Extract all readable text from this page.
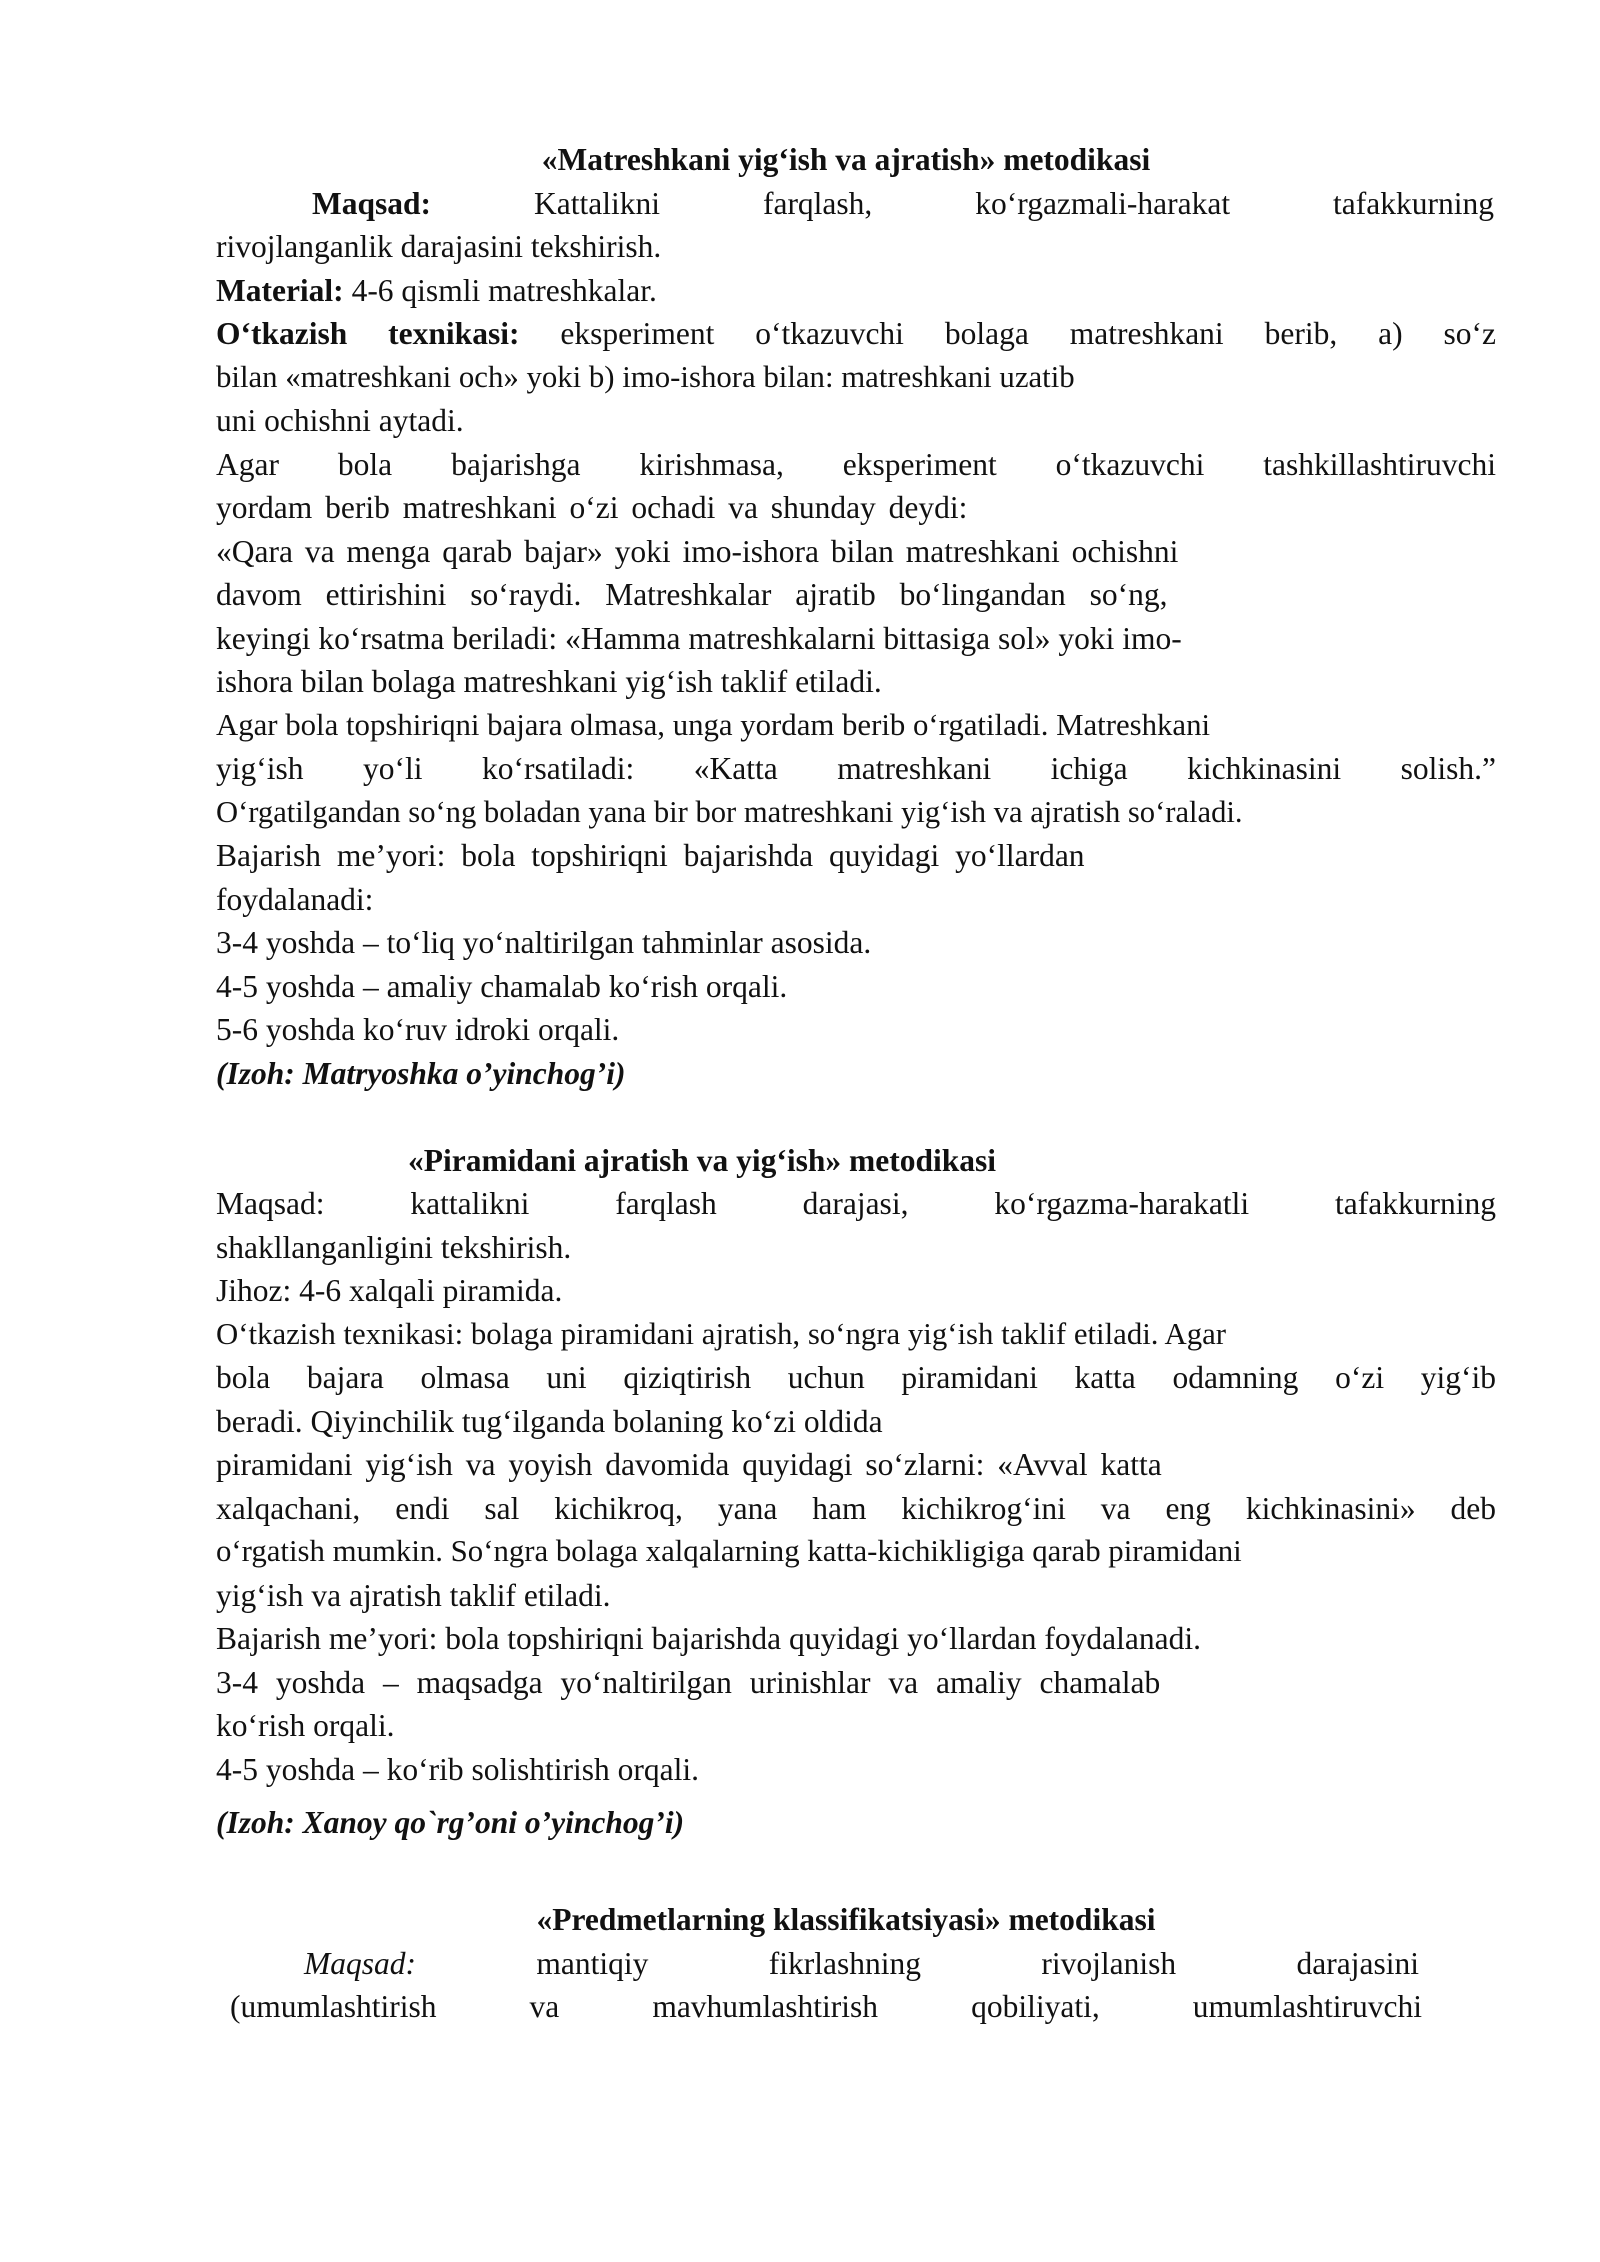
«Matreshkani yig‘ish va ajratish» metodikasi
Maqsad: Kattalikni farqlash, ko‘rgazmali-harakat tafakkurning
rivojlanganlik darajasini tekshirish.
Material: 4-6 qismli matreshkalar.
O‘tkazish texnikasi: eksperiment o‘tkazuvchi bolaga matreshkani berib, a) so‘z
bilan «matreshkani och» yoki b) imo-ishora bilan: matreshkani uzatib
uni ochishni aytadi.
Agar bola bajarishga kirishmasa, eksperiment o‘tkazuvchi tashkillashtiruvchi
yordam berib matreshkani o‘zi ochadi va shunday deydi:
«Qara va menga qarab bajar» yoki imo-ishora bilan matreshkani ochishni
davom ettirishini so‘raydi. Matreshkalar ajratib bo‘lingandan so‘ng,
keyingi ko‘rsatma beriladi: «Hamma matreshkalarni bittasiga sol» yoki imo-
ishora bilan bolaga matreshkani yig‘ish taklif etiladi.
Agar bola topshiriqni bajara olmasa, unga yordam berib o‘rgatiladi. Matreshkani
yig‘ish yo‘li ko‘rsatiladi: «Katta matreshkani ichiga kichkinasini solish.”
O‘rgatilgandan so‘ng boladan yana bir bor matreshkani yig‘ish va ajratish so‘raladi.
Bajarish me’yori: bola topshiriqni bajarishda quyidagi yo‘llardan
foydalanadi:
3-4 yoshda – to‘liq yo‘naltirilgan tahminlar asosida.
4-5 yoshda – amaliy chamalab ko‘rish orqali.
5-6 yoshda ko‘ruv idroki orqali.
(Izoh: Matryoshka o’yinchog’i)
«Piramidani ajratish va yig‘ish» metodikasi
Maqsad: kattalikni farqlash darajasi, ko‘rgazma-harakatli tafakkurning
shakllanganligini tekshirish.
Jihoz: 4-6 xalqali piramida.
O‘tkazish texnikasi: bolaga piramidani ajratish, so‘ngra yig‘ish taklif etiladi. Agar
bola bajara olmasa uni qiziqtirish uchun piramidani katta odamning o‘zi yig‘ib
beradi. Qiyinchilik tug‘ilganda bolaning ko‘zi oldida
piramidani yig‘ish va yoyish davomida quyidagi so‘zlarni: «Avval katta
xalqachani, endi sal kichikroq, yana ham kichikrog‘ini va eng kichkinasini» deb
o‘rgatish mumkin. So‘ngra bolaga xalqalarning katta-kichikligiga qarab piramidani
yig‘ish va ajratish taklif etiladi.
Bajarish me’yori: bola topshiriqni bajarishda quyidagi yo‘llardan foydalanadi.
3-4 yoshda – maqsadga yo‘naltirilgan urinishlar va amaliy chamalab
ko‘rish orqali.
4-5 yoshda – ko‘rib solishtirish orqali.
(Izoh: Xanoy qo`rg’oni o’yinchog’i)
«Predmetlarning klassifikatsiyasi» metodikasi
Maqsad:	mantiqiy fikrlashning rivojlanish darajasini
(umumlashtirish va mavhumlashtirish qobiliyati, umumlashtiruvchi
